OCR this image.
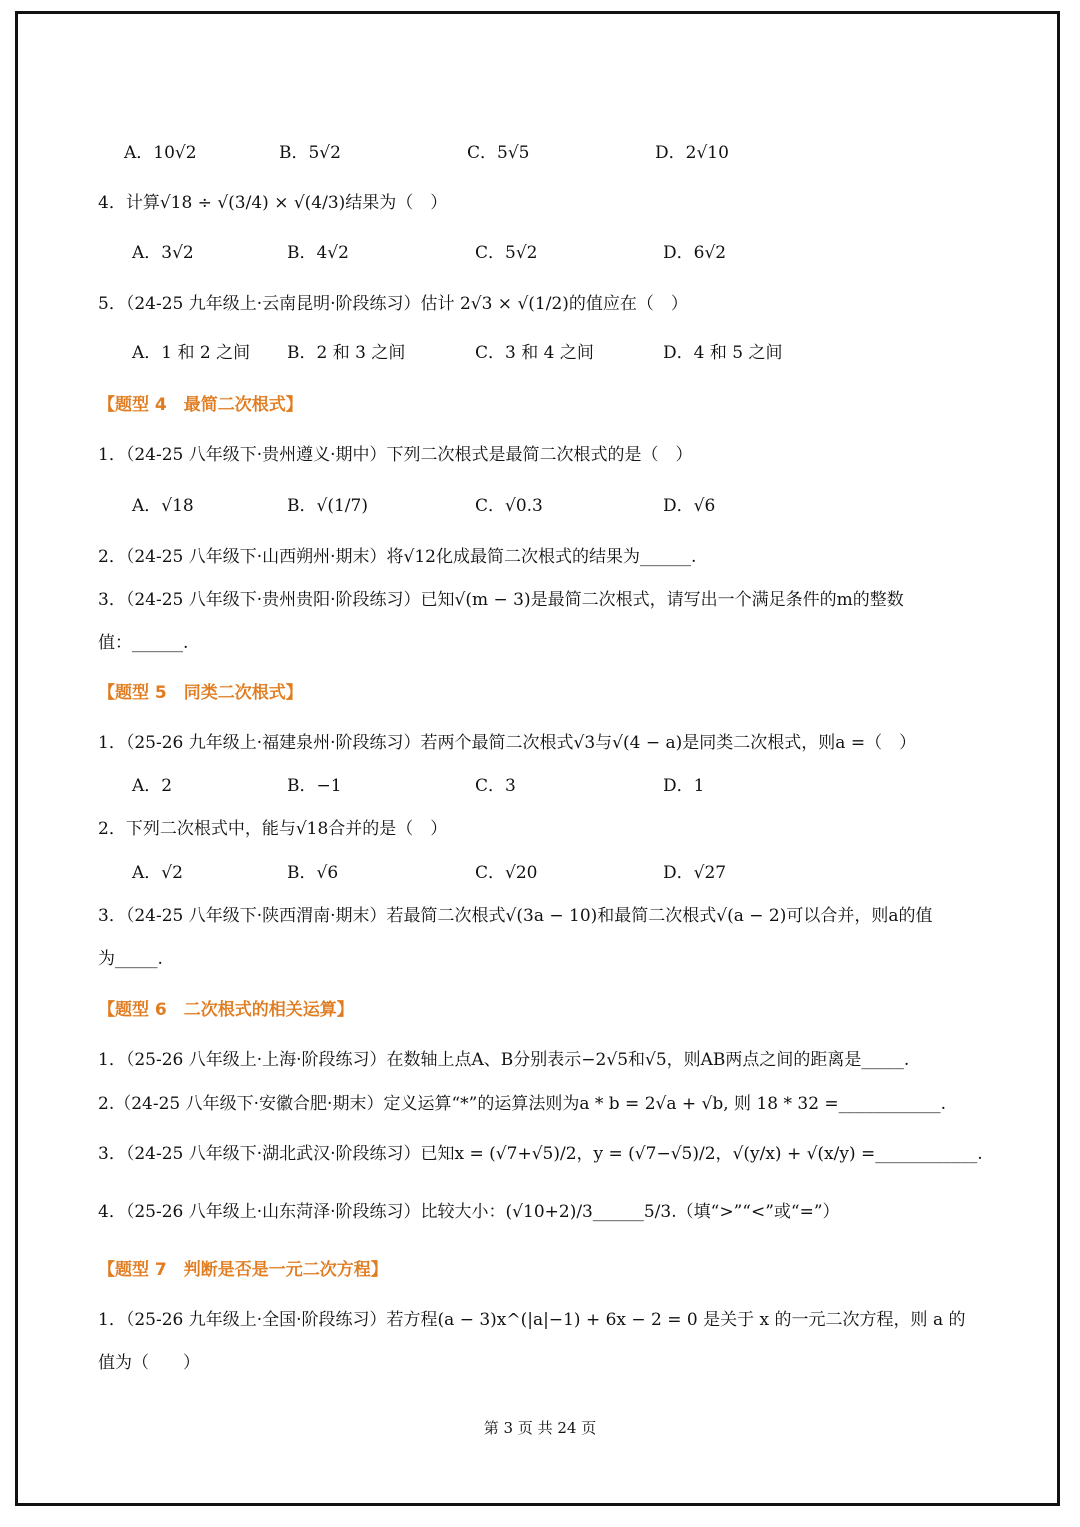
A．10√2	B．5√2	C．5√5	D．2√10
4．计算√18 ÷ √(3/4) × √(4/3)结果为（　）
A．3√2	B．4√2	C．5√2	D．6√2
5．（24-25 九年级上·云南昆明·阶段练习）估计 2√3 × √(1/2)的值应在（　）
A．1 和 2 之间 B．2 和 3 之间	C．3 和 4 之间	D．4 和 5 之间
【题型 4　最简二次根式】
1．（24-25 八年级下·贵州遵义·期中）下列二次根式是最简二次根式的是（　）
A．√18	B．√(1/7)	C．√0.3	D．√6
2．（24-25 八年级下·山西朔州·期末）将√12化成最简二次根式的结果为______.
3．（24-25 八年级下·贵州贵阳·阶段练习）已知√(m − 3)是最简二次根式，请写出一个满足条件的m的整数
值：______.
【题型 5　同类二次根式】
1．（25-26 九年级上·福建泉州·阶段练习）若两个最简二次根式√3与√(4 − a)是同类二次根式，则a =（　）
A．2	B．−1	C．3	D．1
2．下列二次根式中，能与√18合并的是（　）
A．√2	B．√6	C．√20	D．√27
3．（24-25 八年级下·陕西渭南·期末）若最简二次根式√(3a − 10)和最简二次根式√(a − 2)可以合并，则a的值
为_____.
【题型 6　二次根式的相关运算】
1．（25-26 八年级上·上海·阶段练习）在数轴上点A、B分别表示−2√5和√5，则AB两点之间的距离是_____.
2.（24-25 八年级下·安徽合肥·期末）定义运算“*”的运算法则为a * b = 2√a + √b, 则 18 * 32 =____________.
3．（24-25 八年级下·湖北武汉·阶段练习）已知x = (√7+√5)/2，y = (√7−√5)/2，√(y/x) + √(x/y) =____________.
4．（25-26 八年级上·山东菏泽·阶段练习）比较大小：(√10+2)/3______5/3.（填“>”“<”或“=”）
【题型 7　判断是否是一元二次方程】
1．（25-26 九年级上·全国·阶段练习）若方程(a − 3)x^(|a|−1) + 6x − 2 = 0 是关于 x 的一元二次方程，则 a 的
值为（　　）
第 3 页 共 24 页
